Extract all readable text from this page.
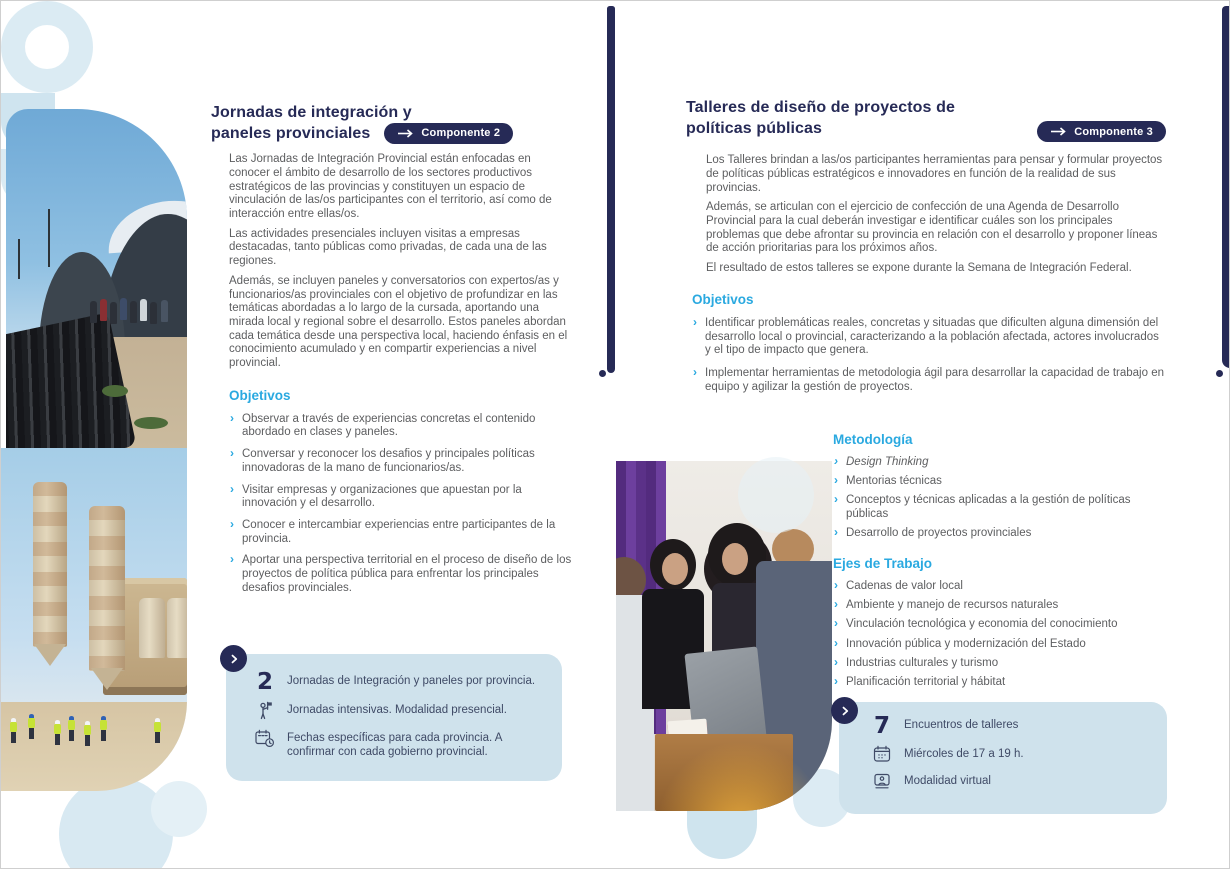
Jornadas de integración y
paneles provinciales	Componente 2

Las Jornadas de Integración Provincial están enfocadas en conocer el ámbito de desarrollo de los sectores productivos estratégicos de las provincias y constituyen un espacio de vinculación de las/os participantes con el territorio, así como de interacción entre ellas/os.

Las actividades presenciales incluyen visitas a empresas destacadas, tanto públicas como privadas, de cada una de las regiones.

Además, se incluyen paneles y conversatorios con expertos/as y funcionarios/as provinciales con el objetivo de profundizar en las temáticas abordadas a lo largo de la cursada, aportando una mirada local y regional sobre el desarrollo. Estos paneles abordan cada temática desde una perspectiva local, haciendo énfasis en el conocimiento acumulado y en compartir experiencias a nivel provincial.

Objetivos
› Observar a través de experiencias concretas el contenido abordado en clases y paneles.
› Conversar y reconocer los desafios y principales políticas innovadoras de la mano de funcionarios/as.
› Visitar empresas y organizaciones que apuestan por la innovación y el desarrollo.
› Conocer e intercambiar experiencias entre participantes de la provincia.
› Aportar una perspectiva territorial en el proceso de diseño de los proyectos de política pública para enfrentar los principales desafios provinciales.
2 Jornadas de Integración y paneles por provincia.
Jornadas intensivas. Modalidad presencial.
Fechas específicas para cada provincia. A confirmar con cada gobierno provincial.
Componente 3
Talleres de diseño de proyectos de
políticas públicas

Los Talleres brindan a las/os participantes herramientas para pensar y formular proyectos de políticas públicas estratégicos e innovadores en función de la realidad de sus provincias.

Además, se articulan con el ejercicio de confección de una Agenda de Desarrollo Provincial para la cual deberán investigar e identificar cuáles son los principales problemas que debe afrontar su provincia en relación con el desarrollo y proponer líneas de acción prioritarias para los próximos años.

El resultado de estos talleres se expone durante la Semana de Integración Federal.

Objetivos
› Identificar problemáticas reales, concretas y situadas que dificulten alguna dimensión del desarrollo local o provincial, caracterizando a la población afectada, actores involucrados y el tipo de impacto que genera.
› Implementar herramientas de metodologia ágil para desarrollar la capacidad de trabajo en equipo y agilizar la gestión de proyectos.
Metodología
› Design Thinking
› Mentorias técnicas
› Conceptos y técnicas aplicadas a la gestión de políticas públicas
› Desarrollo de proyectos provinciales
Ejes de Trabajo
› Cadenas de valor local
› Ambiente y manejo de recursos naturales
› Vinculación tecnológica y economia del conocimiento
› Innovación pública y modernización del Estado
› Industrias culturales y turismo
› Planificación territorial y hábitat
7 Encuentros de talleres
Miércoles de 17 a 19 h.
Modalidad virtual
